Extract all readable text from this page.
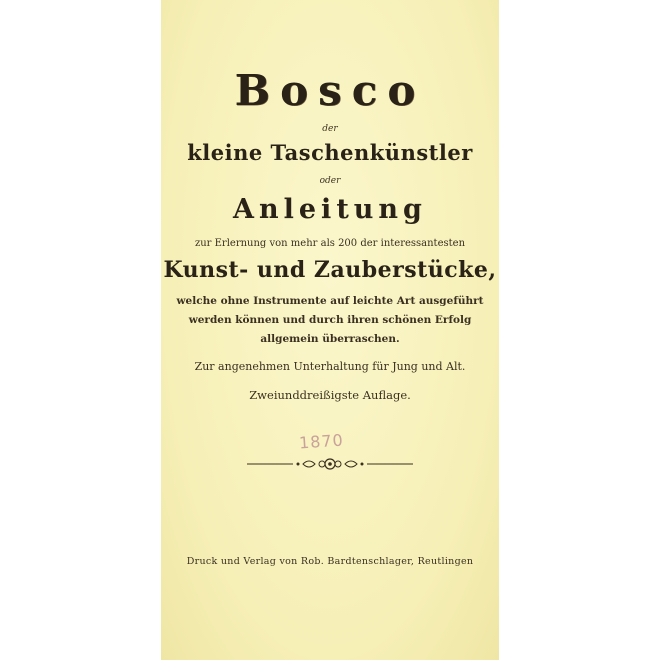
Bosco
der
kleine Taschenkünstler
oder
Anleitung
zur Erlernung von mehr als 200 der interessantesten
Kunst- und Zauberstücke,
welche ohne Instrumente auf leichte Art ausgeführt
werden können und durch ihren schönen Erfolg
allgemein überraschen.
Zur angenehmen Unterhaltung für Jung und Alt.
Zweiunddreißigste Auflage.
1870
Druck und Verlag von Rob. Bardtenschlager, Reutlingen
